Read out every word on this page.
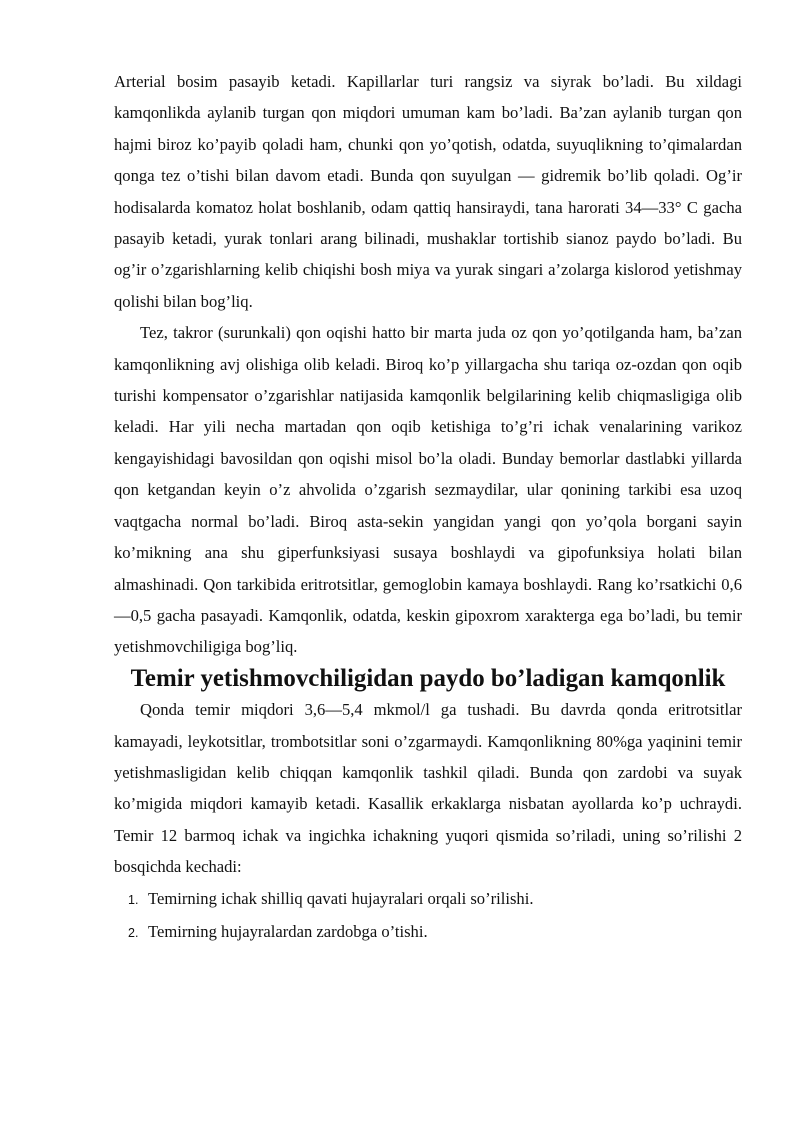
Arterial bosim pasayib ketadi. Kapillarlar turi rangsiz va siyrak bo’ladi. Bu xildagi kamqonlikda aylanib turgan qon miqdori umuman kam bo’ladi. Ba’zan aylanib turgan qon hajmi biroz ko’payib qoladi ham, chunki qon yo’qotish, odatda, suyuqlikning to’qimalardan qonga tez o’tishi bilan davom etadi. Bunda qon suyulgan — gidremik bo’lib qoladi. Og’ir hodisalarda komatoz holat boshlanib, odam qattiq hansiraydi, tana harorati 34—33° C gacha pasayib ketadi, yurak tonlari arang bilinadi, mushaklar tortishib sianoz paydo bo’ladi. Bu og’ir o’zgarishlarning kelib chiqishi bosh miya va yurak singari a’zolarga kislorod yetishmay qolishi bilan bog’liq.

Tez, takror (surunkali) qon oqishi hatto bir marta juda oz qon yo’qotilganda ham, ba’zan kamqonlikning avj olishiga olib keladi. Biroq ko’p yillargacha shu tariqa oz-ozdan qon oqib turishi kompensator o’zgarishlar natijasida kamqonlik belgilarining kelib chiqmasligiga olib keladi. Har yili necha martadan qon oqib ketishiga to’g’ri ichak venalarining varikoz kengayishidagi bavosildan qon oqishi misol bo’la oladi. Bunday bemorlar dastlabki yillarda qon ketgandan keyin o’z ahvolida o’zgarish sezmaydilar, ular qonining tarkibi esa uzoq vaqtgacha normal bo’ladi. Biroq asta-sekin yangidan yangi qon yo’qola borgani sayin ko’mikning ana shu giperfunksiyasi susaya boshlaydi va gipofunksiya holati bilan almashinadi. Qon tarkibida eritrotsitlar, gemoglobin kamaya boshlaydi. Rang ko’rsatkichi 0,6—0,5 gacha pasayadi. Kamqonlik, odatda, keskin gipoxrom xarakterga ega bo’ladi, bu temir yetishmovchiligiga bog’liq.

Temir yetishmovchiligidan paydo bo’ladigan kamqonlik

Qonda temir miqdori 3,6—5,4 mkmol/l ga tushadi. Bu davrda qonda eritrotsitlar kamayadi, leykotsitlar, trombotsitlar soni o’zgarmaydi. Kamqonlikning 80%ga yaqinini temir yetishmasligidan kelib chiqqan kamqonlik tashkil qiladi. Bunda qon zardobi va suyak ko’migida miqdori kamayib ketadi. Kasallik erkaklarga nisbatan ayollarda ko’p uchraydi. Temir 12 barmoq ichak va ingichka ichakning yuqori qismida so’riladi, uning so’rilishi 2 bosqichda kechadi:

1. Temirning ichak shilliq qavati hujayralari orqali so’rilishi.
2. Temirning hujayralardan zardobga o’tishi.
